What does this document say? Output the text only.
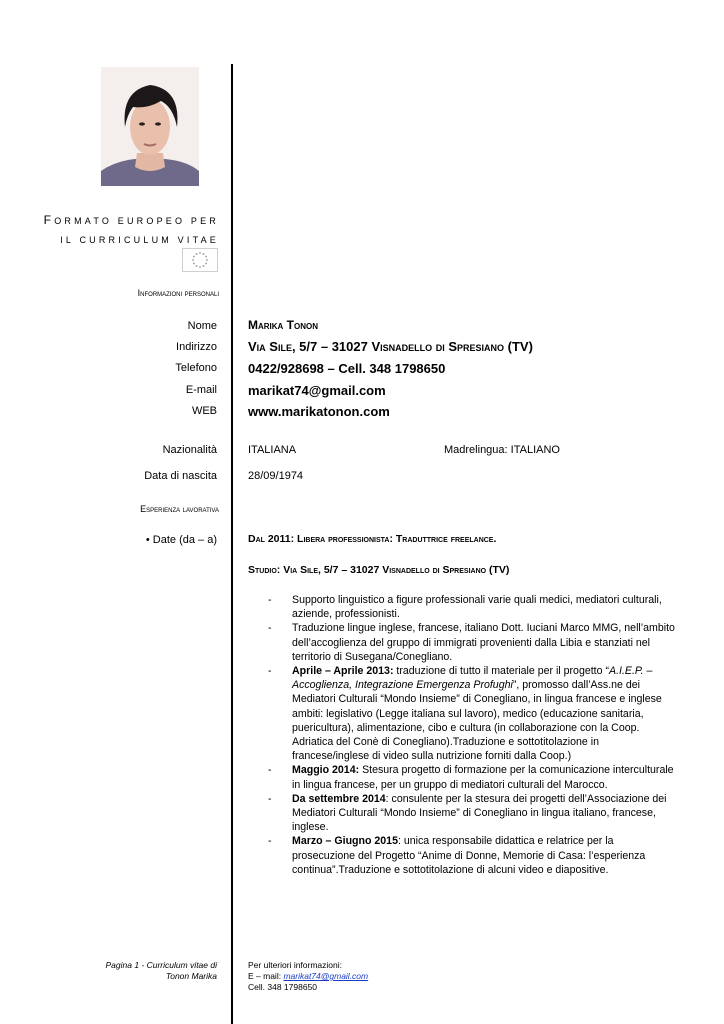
FORMATO EUROPEO PER
IL CURRICULUM VITAE
Informazioni personali
Nome	Marika Tonon
Indirizzo Via Sile, 5/7 – 31027 Visnadello di Spresiano (TV)
Telefono 0422/928698 – Cell. 348 1798650
E-mail marikat74@gmail.com
WEB www.marikatonon.com
Nazionalità	ITALIANA	Madrelingua: ITALIANO
Data di nascita	28/09/1974
Esperienza lavorativa
• Date (da – a)	Dal 2011: Libera professionista: Traduttrice freelance.
Studio: Via Sile, 5/7 – 31027 Visnadello di Spresiano (TV)
- Supporto linguistico a figure professionali varie quali medici, mediatori culturali, aziende, professionisti.
- Traduzione lingue inglese, francese, italiano Dott. Iuciani Marco MMG, nell’ambito dell’accoglienza del gruppo di immigrati provenienti dalla Libia e stanziati nel territorio di Susegana/Conegliano.
- Aprile – Aprile 2013: traduzione di tutto il materiale per il progetto “A.I.E.P. – Accoglienza, Integrazione Emergenza Profughi”, promosso dall’Ass.ne dei Mediatori Culturali “Mondo Insieme” di Conegliano, in lingua francese e inglese ambiti: legislativo (Legge italiana sul lavoro), medico (educazione sanitaria, puericultura), alimentazione, cibo e cultura (in collaborazione con la Coop. Adriatica del Conè di Conegliano).Traduzione e sottotitolazione in francese/inglese di video sulla nutrizione forniti dalla Coop.)
- Maggio 2014: Stesura progetto di formazione per la comunicazione interculturale in lingua francese, per un gruppo di mediatori culturali del Marocco.
- Da settembre 2014: consulente per la stesura dei progetti dell’Associazione dei Mediatori Culturali “Mondo Insieme” di Conegliano in lingua italiano, francese, inglese.
- Marzo – Giugno 2015: unica responsabile didattica e relatrice per la prosecuzione del Progetto “Anime di Donne, Memorie di Casa: l’esperienza continua”.Traduzione e sottotitolazione di alcuni video e diapositive.
Pagina 1 - Curriculum vitae di
Tonon Marika
Per ulteriori informazioni:
E – mail: marikat74@gmail.com
Cell. 348 1798650
